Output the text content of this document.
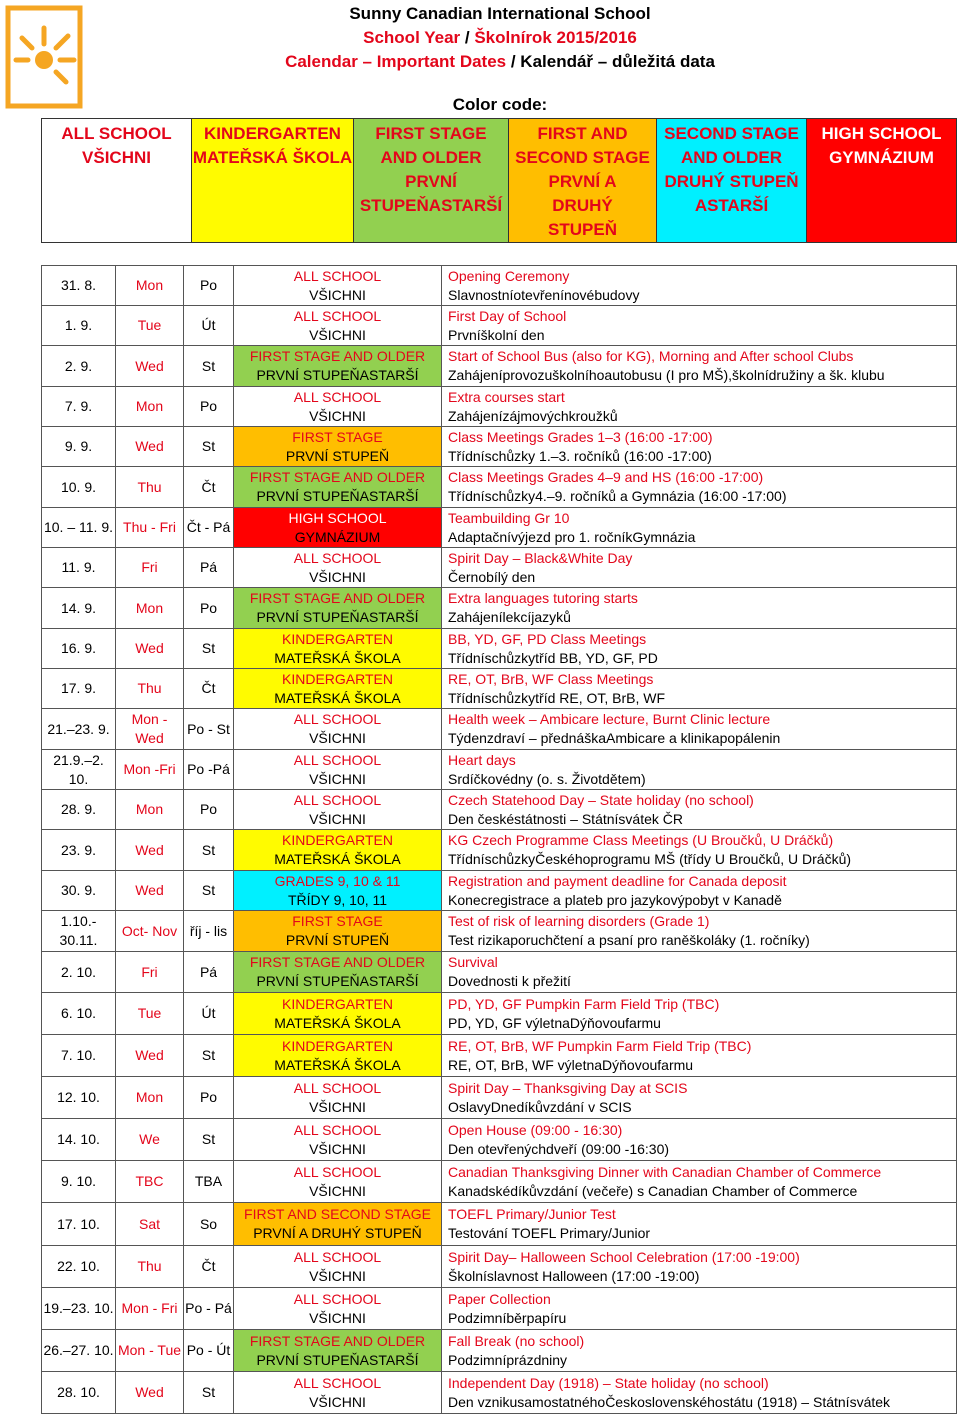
Sunny Canadian International School
School Year / Školnírok 2015/2016
Calendar – Important Dates / Kalendář – důležitá data
Color code:
ALL SCHOOL
VŠICHNI

KINDERGARTEN
MATEŘSKÁ ŠKOLA

FIRST STAGE
AND OLDER
PRVNÍ
STUPEŇASTARŠÍ

FIRST AND
SECOND STAGE
PRVNÍ A
DRUHÝ
STUPEŇ

SECOND STAGE
AND OLDER
DRUHÝ STUPEŇ
ASTARŠÍ

HIGH SCHOOL
GYMNÁZIUM
31. 8.	Mon	Po	ALL SCHOOL
VŠICHNI	Opening Ceremony
Slavnostníotevřenínovébudovy

1. 9.	Tue	Út	ALL SCHOOL
VŠICHNI	First Day of School
Prvníškolní den

2. 9.	Wed	St	FIRST STAGE AND OLDER
PRVNÍ STUPEŇASTARŠÍ	Start of School Bus (also for KG), Morning and After school Clubs
Zahájeníprovozuškolníhoautobusu (I pro MŠ),školnídružiny a šk. klubu

7. 9.	Mon	Po	ALL SCHOOL
VŠICHNI	Extra courses start
Zahájenízájmovýchkroužků

9. 9.	Wed	St	FIRST STAGE
PRVNÍ STUPEŇ	Class Meetings Grades 1–3 (16:00 -17:00)
Třídníschůzky 1.–3. ročníků (16:00 -17:00)

10. 9.	Thu	Čt	FIRST STAGE AND OLDER
PRVNÍ STUPEŇASTARŠÍ	Class Meetings Grades 4–9 and HS (16:00 -17:00)
Třídníschůzky4.–9. ročníků a Gymnázia (16:00 -17:00)

10. – 11. 9.	Thu - Fri	Čt - Pá	HIGH SCHOOL
GYMNÁZIUM	Teambuilding Gr 10
Adaptačnívýjezd pro 1. ročníkGymnázia

11. 9.	Fri	Pá	ALL SCHOOL
VŠICHNI	Spirit Day – Black&White Day
Černobílý den

14. 9.	Mon	Po	FIRST STAGE AND OLDER
PRVNÍ STUPEŇASTARŠÍ	Extra languages tutoring starts
Zahájenílekcíjazyků

16. 9.	Wed	St	KINDERGARTEN
MATEŘSKÁ ŠKOLA	BB, YD, GF, PD Class Meetings
Třídníschůzkytříd BB, YD, GF, PD

17. 9.	Thu	Čt	KINDERGARTEN
MATEŘSKÁ ŠKOLA	RE, OT, BrB, WF Class Meetings
Třídníschůzkytříd RE, OT, BrB, WF

21.–23. 9.	Mon - Wed	Po - St	ALL SCHOOL
VŠICHNI	Health week – Ambicare lecture, Burnt Clinic lecture
Týdenzdraví – přednáškaAmbicare a klinikapopálenin

21.9.–2. 10.	Mon -Fri	Po -Pá	ALL SCHOOL
VŠICHNI	Heart days
Srdíčkovédny (o. s. Životdětem)

28. 9.	Mon	Po	ALL SCHOOL
VŠICHNI	Czech Statehood Day – State holiday (no school)
Den českéstátnosti – Státnísvátek ČR

23. 9.	Wed	St	KINDERGARTEN
MATEŘSKÁ ŠKOLA	KG Czech Programme Class Meetings (U Broučků, U Dráčků)
TřídníschůzkyČeskéhoprogramu MŠ (třídy U Broučků, U Dráčků)

30. 9.	Wed	St	GRADES 9, 10 & 11
TŘÍDY 9, 10, 11	Registration and payment deadline for Canada deposit
Konecregistrace a plateb pro jazykovýpobyt v Kanadě

1.10.- 30.11.	Oct- Nov	říj - lis	FIRST STAGE
PRVNÍ STUPEŇ	Test of risk of learning disorders (Grade 1)
Test rizikaporuchčtení a psaní pro raněškoláky (1. ročníky)

2. 10.	Fri	Pá	FIRST STAGE AND OLDER
PRVNÍ STUPEŇASTARŠÍ	Survival
Dovednosti k přežití

6. 10.	Tue	Út	KINDERGARTEN
MATEŘSKÁ ŠKOLA	PD, YD, GF Pumpkin Farm Field Trip (TBC)
PD, YD, GF výletnaDýňovoufarmu

7. 10.	Wed	St	KINDERGARTEN
MATEŘSKÁ ŠKOLA	RE, OT, BrB, WF Pumpkin Farm Field Trip (TBC)
RE, OT, BrB, WF výletnaDýňovoufarmu

12. 10.	Mon	Po	ALL SCHOOL
VŠICHNI	Spirit Day – Thanksgiving Day at SCIS
OslavyDnedíkůvzdání v SCIS

14. 10.	We	St	ALL SCHOOL
VŠICHNI	Open House (09:00 - 16:30)
Den otevřenýchdveří (09:00 -16:30)

9. 10.	TBC	TBA	ALL SCHOOL
VŠICHNI	Canadian Thanksgiving Dinner with Canadian Chamber of Commerce
Kanadskédíkůvzdání (večeře) s Canadian Chamber of Commerce

17. 10.	Sat	So	FIRST AND SECOND STAGE
PRVNÍ A DRUHÝ STUPEŇ	TOEFL Primary/Junior Test
Testování TOEFL Primary/Junior

22. 10.	Thu	Čt	ALL SCHOOL
VŠICHNI	Spirit Day– Halloween School Celebration (17:00 -19:00)
Školníslavnost Halloween (17:00 -19:00)

19.–23. 10.	Mon - Fri	Po - Pá	ALL SCHOOL
VŠICHNI	Paper Collection
Podzimníběrpapíru

26.–27. 10.	Mon - Tue	Po - Út	FIRST STAGE AND OLDER
PRVNÍ STUPEŇASTARŠÍ	Fall Break (no school)
Podzimníprázdniny

28. 10.	Wed	St	ALL SCHOOL
VŠICHNI	Independent Day (1918) – State holiday (no school)
Den vznikusamostatnéhoČeskoslovenskéhostátu (1918) – Státnísvátek
